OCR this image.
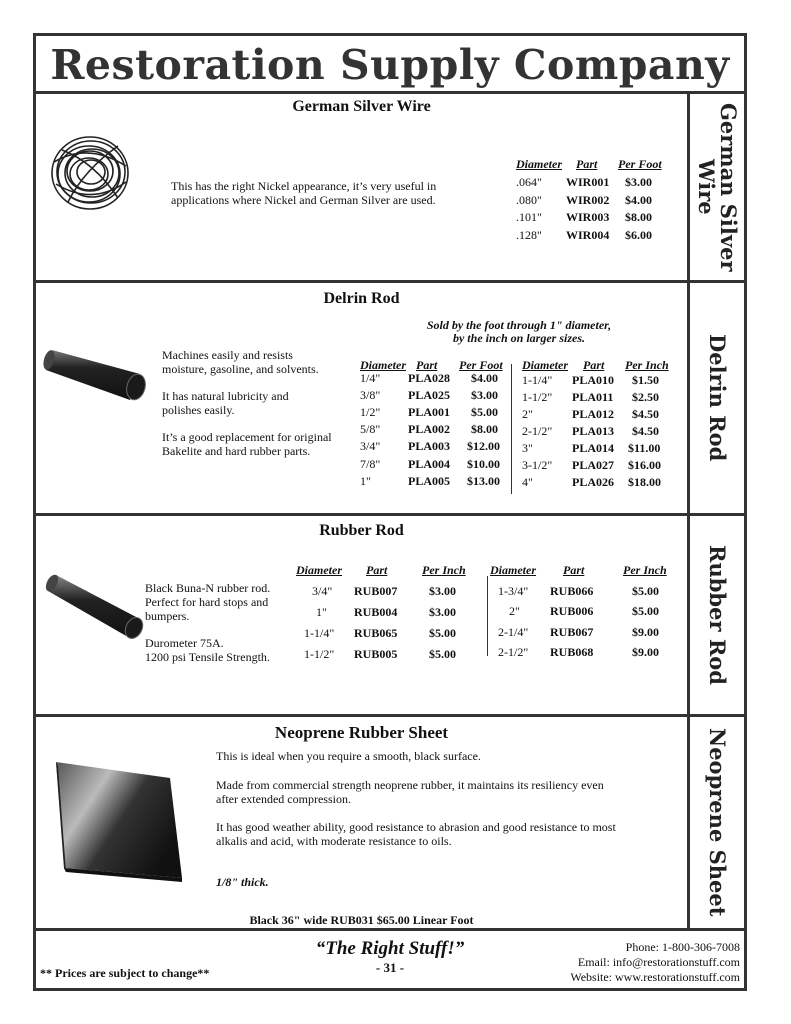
Restoration Supply Company
German Silver Wire	German Silver Wire
This has the right Nickel appearance, it’s very useful in applications where Nickel and German Silver are used.
Diameter Part Per Foot
.064" WIR001 $3.00
.080" WIR002 $4.00
.101" WIR003 $8.00
.128" WIR004 $6.00
Delrin Rod
Delrin Rod
Sold by the foot through 1" diameter,
by the inch on larger sizes.
Machines easily and resists moisture, gasoline, and solvents.
It has natural lubricity and polishes easily.
It’s a good replacement for original Bakelite and hard rubber parts.
Diameter Part Per Foot Diameter Part Per Inch
1/4" PLA028 $4.00
3/8" PLA025 $3.00
1/2" PLA001 $5.00
5/8" PLA002 $8.00
3/4" PLA003 $12.00
7/8" PLA004 $10.00
1"	PLA005 $13.00
1-1/4" PLA010 $1.50
1-1/2" PLA011 $2.50
2"	PLA012 $4.50
2-1/2" PLA013 $4.50
3"	PLA014 $11.00
3-1/2" PLA027 $16.00
4"	PLA026 $18.00
Rubber Rod
Rubber Rod
Black Buna-N rubber rod. Perfect for hard stops and bumpers.
Durometer 75A.
1200 psi Tensile Strength.
Diameter Part	Per Inch Diameter Part	Per Inch
3/4" RUB007	$3.00
1" RUB004	$3.00
1-1/4" RUB065	$5.00
1-1/2" RUB005	$5.00
1-3/4" RUB066	$5.00
2"	RUB006	$5.00
2-1/4" RUB067	$9.00
2-1/2" RUB068	$9.00
Neoprene Rubber Sheet	Neoprene Sheet
This is ideal when you require a smooth, black surface.
Made from commercial strength neoprene rubber, it maintains its resiliency even after extended compression.
It has good weather ability, good resistance to abrasion and good resistance to most alkalis and acid, with moderate resistance to oils.
1/8" thick.
Black 36" wide RUB031 $65.00 Linear Foot
“The Right Stuff!”
- 31 -
** Prices are subject to change**
Phone: 1-800-306-7008
Email: info@restorationstuff.com
Website: www.restorationstuff.com
